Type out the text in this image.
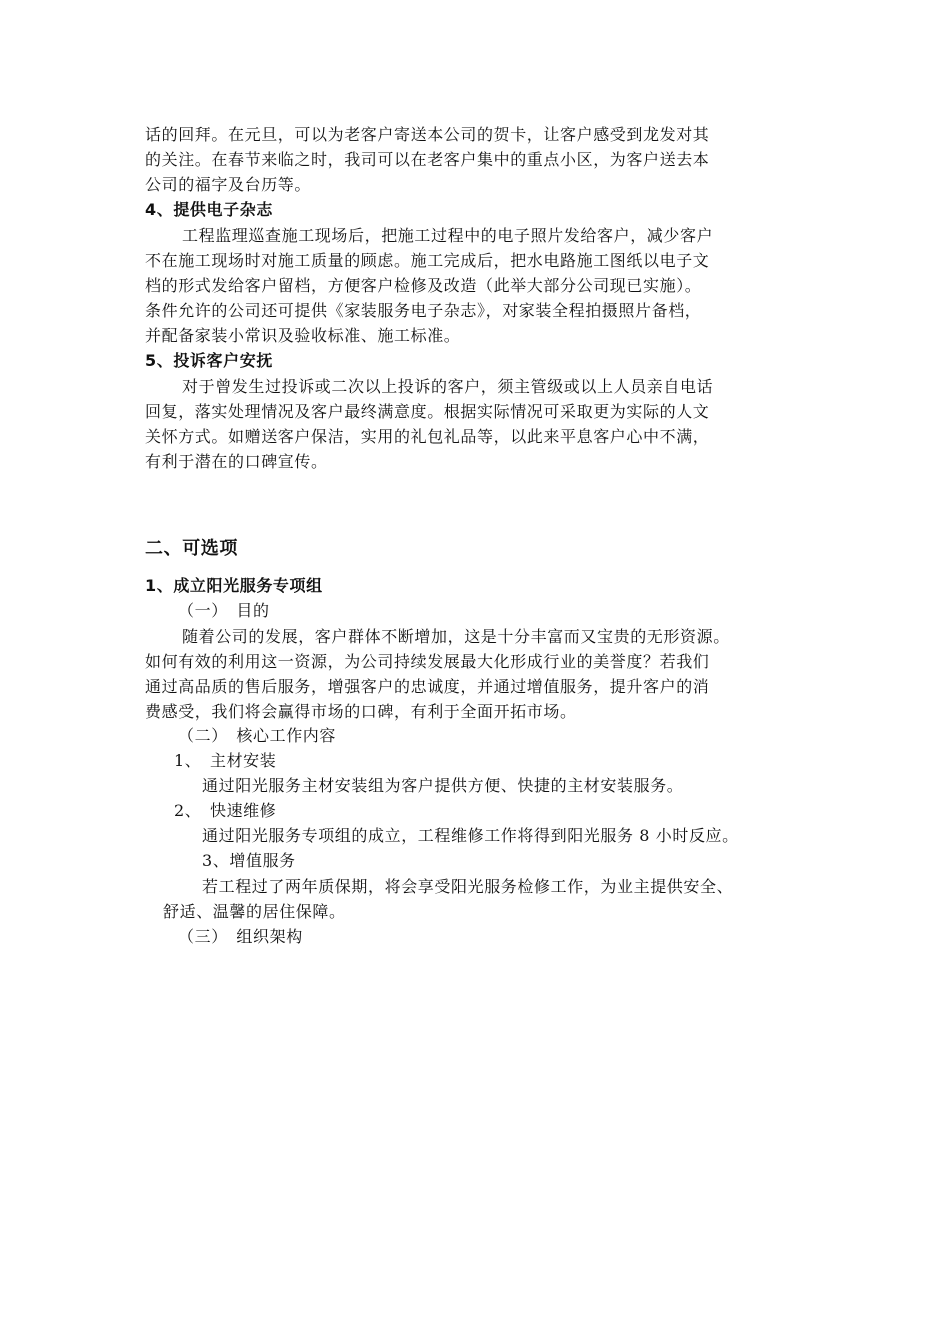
话的回拜。在元旦，可以为老客户寄送本公司的贺卡，让客户感受到龙发对其
的关注。在春节来临之时，我司可以在老客户集中的重点小区，为客户送去本
公司的福字及台历等。
4、提供电子杂志
工程监理巡查施工现场后，把施工过程中的电子照片发给客户，减少客户
不在施工现场时对施工质量的顾虑。施工完成后，把水电路施工图纸以电子文
档的形式发给客户留档，方便客户检修及改造（此举大部分公司现已实施）。
条件允许的公司还可提供《家装服务电子杂志》，对家装全程拍摄照片备档，
并配备家装小常识及验收标准、施工标准。
5、投诉客户安抚
对于曾发生过投诉或二次以上投诉的客户，须主管级或以上人员亲自电话
回复，落实处理情况及客户最终满意度。根据实际情况可采取更为实际的人文
关怀方式。如赠送客户保洁，实用的礼包礼品等，以此来平息客户心中不满，
有利于潜在的口碑宣传。
二、可选项
1、成立阳光服务专项组
（一）　目的
随着公司的发展，客户群体不断增加，这是十分丰富而又宝贵的无形资源。
如何有效的利用这一资源，为公司持续发展最大化形成行业的美誉度？若我们
通过高品质的售后服务，增强客户的忠诚度，并通过增值服务，提升客户的消
费感受，我们将会赢得市场的口碑，有利于全面开拓市场。
（二）　核心工作内容
1、　主材安装
通过阳光服务主材安装组为客户提供方便、快捷的主材安装服务。
2、　快速维修
通过阳光服务专项组的成立，工程维修工作将得到阳光服务 8 小时反应。
3、增值服务
若工程过了两年质保期，将会享受阳光服务检修工作，为业主提供安全、
舒适、温馨的居住保障。
（三）　组织架构
